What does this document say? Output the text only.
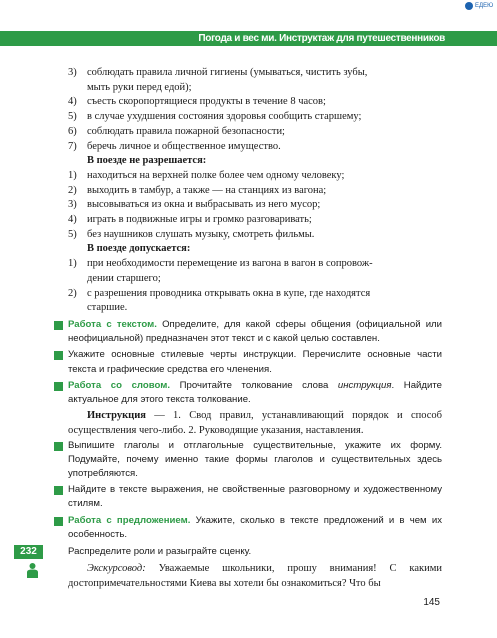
ЕДЕЮ
Погода и вес ми. Инструктаж для путешественников
3) соблюдать правила личной гигиены (умываться, чистить зубы,
мыть руки перед едой);
4) съесть скоропортящиеся продукты в течение 8 часов;
5) в случае ухудшения состояния здоровья сообщить старшему;
6) соблюдать правила пожарной безопасности;
7) беречь личное и общественное имущество.
В поезде не разрешается:
1) находиться на верхней полке более чем одному человеку;
2) выходить в тамбур, а также — на станциях из вагона;
3) высовываться из окна и выбрасывать из него мусор;
4) играть в подвижные игры и громко разговаривать;
5) без наушников слушать музыку, смотреть фильмы.
В поезде допускается:
1) при необходимости перемещение из вагона в вагон в сопровож-
дении старшего;
2) с разрешения проводника открывать окна в купе, где находятся
старшие.
Работа с текстом. Определите, для какой сферы общения (официальной или неофициальной) предназначен этот текст и с какой целью составлен.
Укажите основные стилевые черты инструкции. Перечислите основные части текста и графические средства его членения.
Работа со словом. Прочитайте толкование слова инструкция. Найдите актуальное для этого текста толкование.
Инструкция — 1. Свод правил, устанавливающий порядок и способ осуществления чего-либо. 2. Руководящие указания, наставления.
Выпишите глаголы и отглагольные существительные, укажите их форму. Подумайте, почему именно такие формы глаголов и существительных здесь употребляются.
Найдите в тексте выражения, не свойственные разговорному и художественному стилям.
Работа с предложением. Укажите, сколько в тексте предложений и в чем их особенность.
232	Распределите роли и разыграйте сценку.
Экскурсовод: Уважаемые школьники, прошу внимания! С какими достопримечательностями Киева вы хотели бы ознакомиться? Что бы
145
